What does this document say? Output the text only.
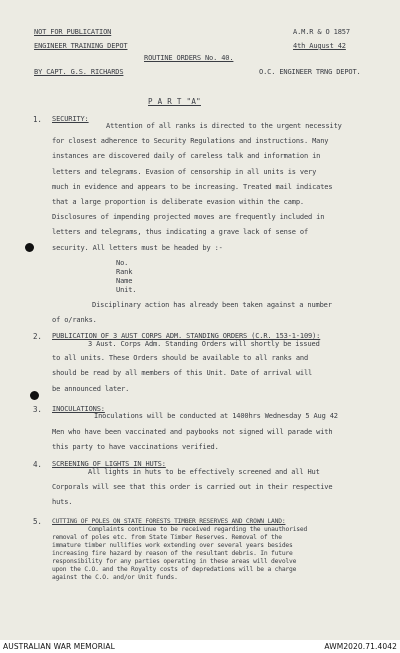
NOT FOR PUBLICATION
ENGINEER TRAINING DEPOT
ROUTINE ORDERS No. 40.
BY CAPT. G.S. RICHARDS
A.M.R & O 1857
4th August 42
O.C. ENGINEER TRNG DEPOT.
P A R T "A"
1. SECURITY:
Attention of all ranks is directed to the urgent necessity
for closest adherence to Security Regulations and instructions. Many
instances are discovered daily of careless talk and information in
letters and telegrams. Evasion of censorship in all units is very
much in evidence and appears to be increasing. Treated mail indicates
that a large proportion is deliberate evasion within the camp.
Disclosures of impending projected moves are frequently included in
letters and telegrams, thus indicating a grave lack of sense of
security. All letters must be headed by :-
No.
Rank
Name
Unit.
Disciplinary action has already been taken against a number
of o/ranks.
2. PUBLICATION OF 3 AUST CORPS ADM. STANDING ORDERS (C.R. 153-1-109):
3 Aust. Corps Adm. Standing Orders will shortly be issued
to all units. These Orders should be available to all ranks and
should be read by all members of this Unit. Date of arrival will
be announced later.
3. INOCULATIONS:
Inoculations will be conducted at 1400hrs Wednesday 5 Aug 42
Men who have been vaccinated and paybooks not signed will parade with
this party to have vaccinations verified.
4. SCREENING OF LIGHTS IN HUTS:
All lights in huts to be effectively screened and all Hut
Corporals will see that this order is carried out in their respective
huts.
5. CUTTING OF POLES ON STATE FORESTS TIMBER RESERVES AND CROWN LAND:
Complaints continue to be received regarding the unauthorised
removal of poles etc. from State Timber Reserves. Removal of the
immature timber nullifies work extending over several years besides
increasing fire hazard by reason of the resultant debris. In future
responsibility for any parties operating in these areas will devolve
upon the C.O. and the Royalty costs of depredations will be a charge
against the C.O. and/or Unit funds.
AUSTRALIAN WAR MEMORIAL	AWM2020.71.4042
